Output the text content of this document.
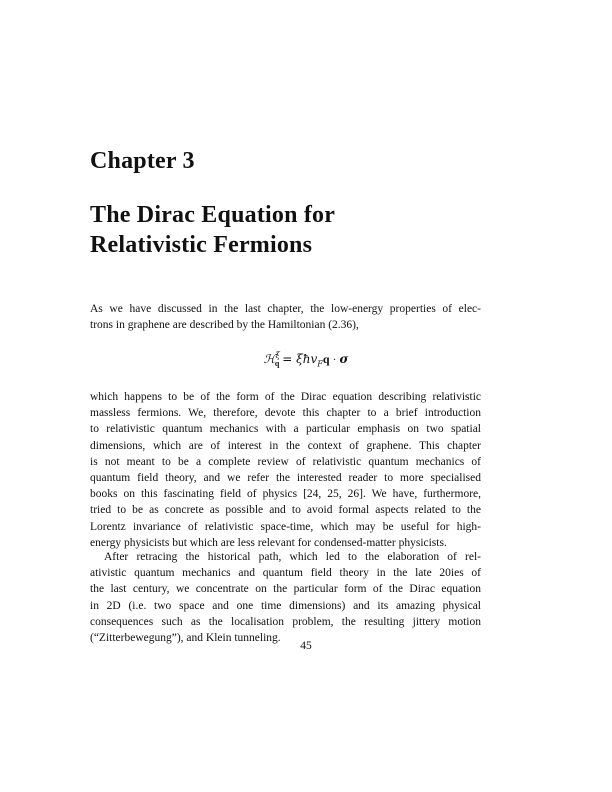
Chapter 3
The Dirac Equation for
Relativistic Fermions
As we have discussed in the last chapter, the low-energy properties of elec-
trons in graphene are described by the Hamiltonian (2.36),
ℋ$^\xi_q$ = ξħv$_F$q · σ
which happens to be of the form of the Dirac equation describing relativistic
massless fermions. We, therefore, devote this chapter to a brief introduction
to relativistic quantum mechanics with a particular emphasis on two spatial
dimensions, which are of interest in the context of graphene. This chapter
is not meant to be a complete review of relativistic quantum mechanics of
quantum field theory, and we refer the interested reader to more specialised
books on this fascinating field of physics [24, 25, 26]. We have, furthermore,
tried to be as concrete as possible and to avoid formal aspects related to the
Lorentz invariance of relativistic space-time, which may be useful for high-
energy physicists but which are less relevant for condensed-matter physicists.
After retracing the historical path, which led to the elaboration of rel-
ativistic quantum mechanics and quantum field theory in the late 20ies of
the last century, we concentrate on the particular form of the Dirac equation
in 2D (i.e. two space and one time dimensions) and its amazing physical
consequences such as the localisation problem, the resulting jittery motion
(“Zitterbewegung”), and Klein tunneling.
45
